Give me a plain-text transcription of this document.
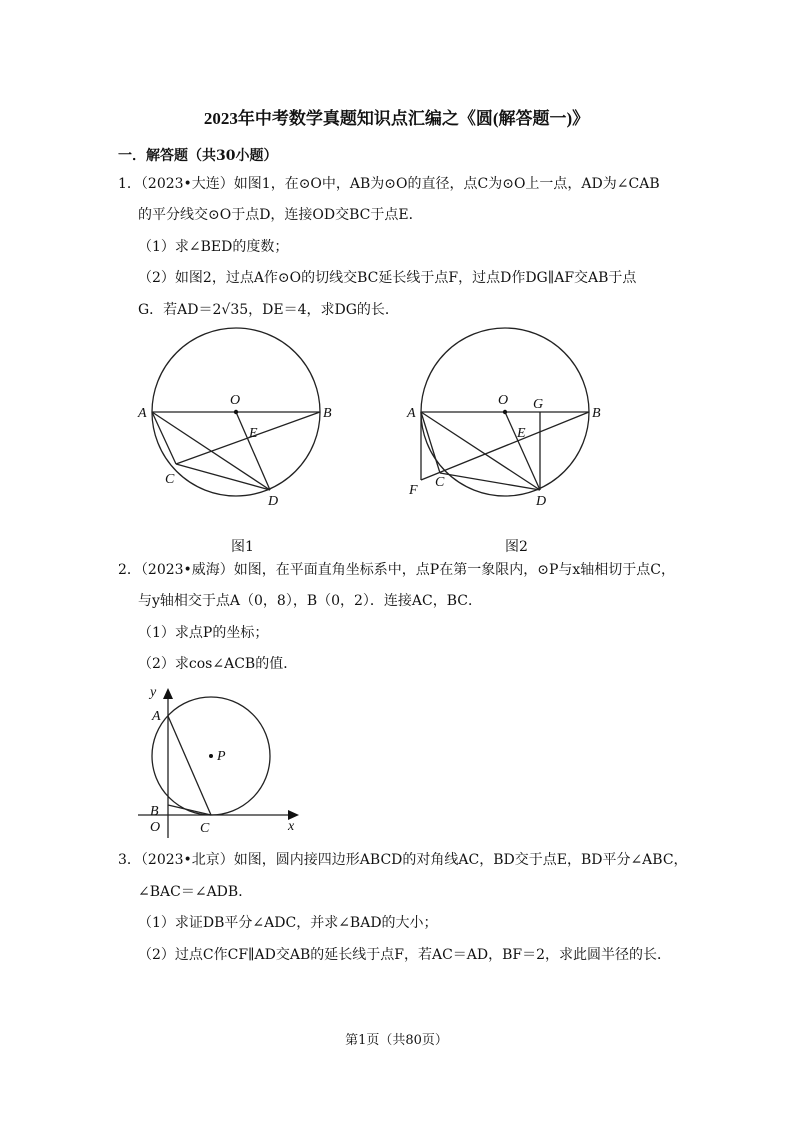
2023年中考数学真题知识点汇编之《圆(解答题一)》
一．解答题（共30小题）
1．（2023•大连）如图1，在⊙O中，AB为⊙O的直径，点C为⊙O上一点，AD为∠CAB
的平分线交⊙O于点D，连接OD交BC于点E．
（1）求∠BED的度数；
（2）如图2，过点A作⊙O的切线交BC延长线于点F，过点D作DG∥AF交AB于点
G．若AD＝2√35，DE＝4，求DG的长．
A	B
O
E
C
D
图1
A	B
O G
E
C
F
D
图2
2．（2023•威海）如图，在平面直角坐标系中，点P在第一象限内，⊙P与x轴相切于点C，
与y轴相交于点A（0，8），B（0，2）．连接AC，BC．
（1）求点P的坐标；
（2）求cos∠ACB的值．
y
x
A
B
O	C
P
3．（2023•北京）如图，圆内接四边形ABCD的对角线AC，BD交于点E，BD平分∠ABC，
∠BAC＝∠ADB．
（1）求证DB平分∠ADC，并求∠BAD的大小；
（2）过点C作CF∥AD交AB的延长线于点F，若AC＝AD，BF＝2，求此圆半径的长．
第1页（共80页）
